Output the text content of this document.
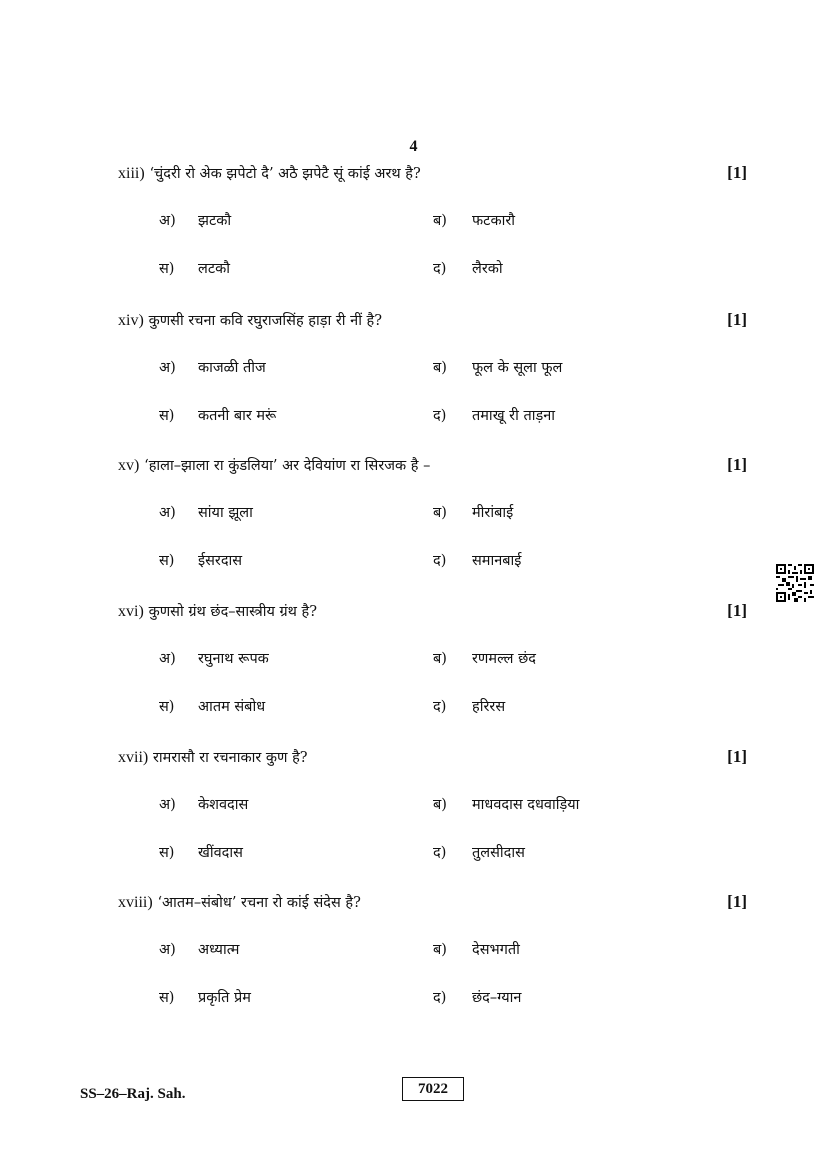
4
xiii) ‘चुंदरी रो अेक झपेटो दै’ अठै झपेटै सूं कांई अरथ है?	[1]
अ) झटकौ	ब) फटकारौ
स) लटकौ	द) लैरको
xiv) कुणसी रचना कवि रघुराजसिंह हाड़ा री नीं है?	[1]
अ) काजळी तीज	ब) फूल के सूला फूल
स) कतनी बार मरूं	द) तमाखू री ताड़ना
xv) ‘हाला–झाला रा कुंडलिया’ अर देवियांण रा सिरजक है –	[1]
अ) सांया झूला	ब) मीरांबाई
स) ईसरदास	द) समानबाई
xvi) कुणसो ग्रंथ छंद–सास्त्रीय ग्रंथ है?	[1]
अ) रघुनाथ रूपक	ब) रणमल्ल छंद
स) आतम संबोध	द) हरिरस
xvii) रामरासौ रा रचनाकार कुण है?	[1]
अ) केशवदास	ब) माधवदास दधवाड़िया
स) खींवदास	द) तुलसीदास
xviii) ‘आतम–संबोध’ रचना रो कांई संदेस है?	[1]
अ) अध्यात्म	ब) देसभगती
स) प्रकृति प्रेम	द) छंद–ग्यान
SS–26–Raj. Sah.	7022
